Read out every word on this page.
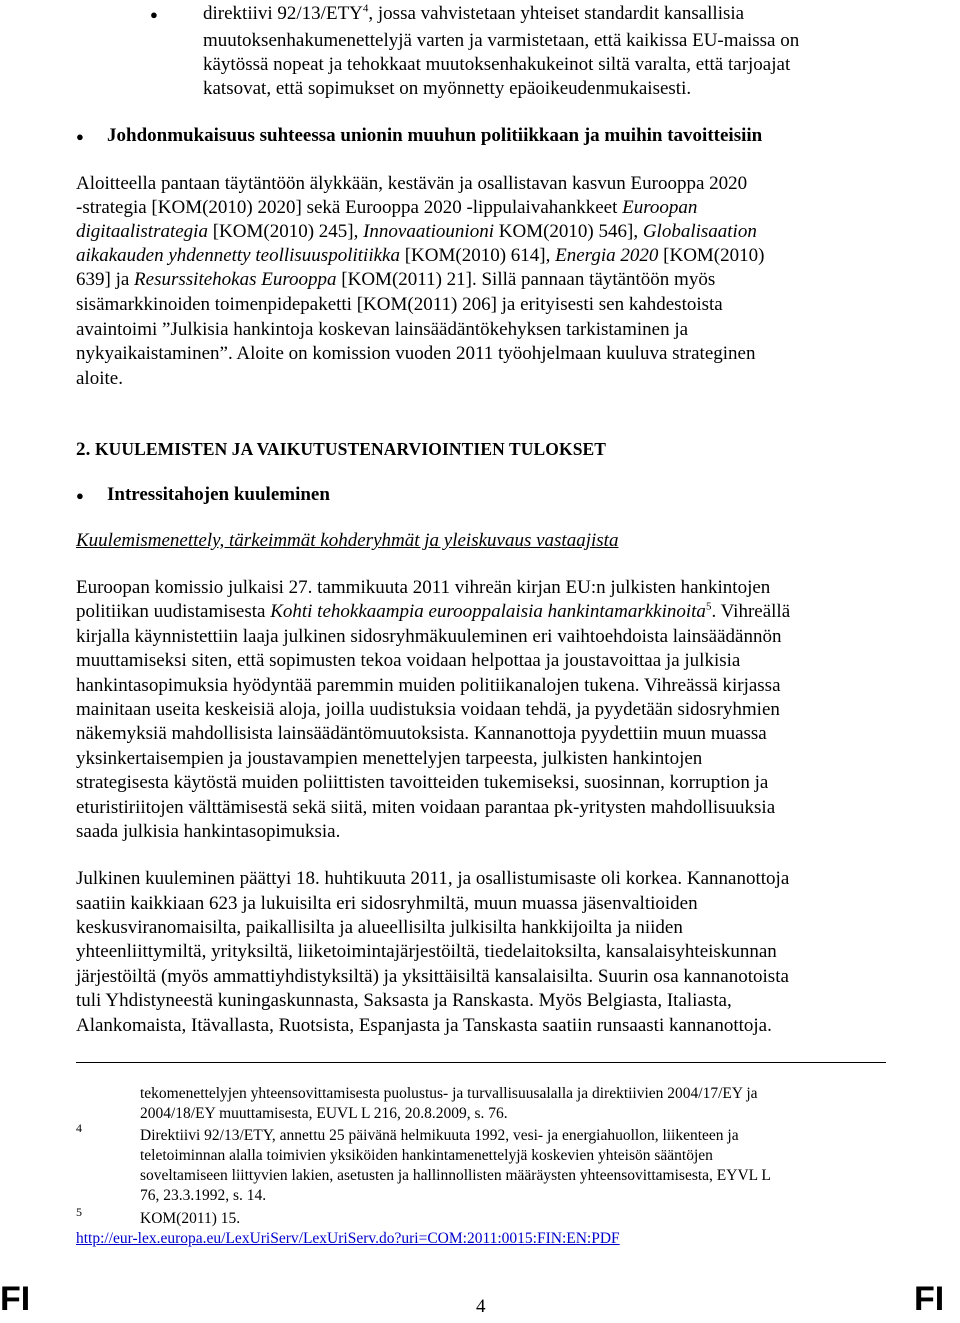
● direktiivi 92/13/ETY$^4$, jossa vahvistetaan yhteiset standardit kansallisia
muutoksenhakumenettelyjä varten ja varmistetaan, että kaikissa EU-maissa on
käytössä nopeat ja tehokkaat muutoksenhakukeinot siltä varalta, että tarjoajat
katsovat, että sopimukset on myönnetty epäoikeudenmukaisesti.
● Johdonmukaisuus suhteessa unionin muuhun politiikkaan ja muihin tavoitteisiin
Aloitteella pantaan täytäntöön älykkään, kestävän ja osallistavan kasvun Eurooppa 2020
-strategia [KOM(2010) 2020] sekä Eurooppa 2020 -lippulaivahankkeet Euroopan
digitaalistrategia [KOM(2010) 245], Innovaatiounioni KOM(2010) 546], Globalisaation
aikakauden yhdennetty teollisuuspolitiikka [KOM(2010) 614], Energia 2020 [KOM(2010)
639] ja Resurssitehokas Eurooppa [KOM(2011) 21]. Sillä pannaan täytäntöön myös
sisämarkkinoiden toimenpidepaketti [KOM(2011) 206] ja erityisesti sen kahdestoista
avaintoimi ”Julkisia hankintoja koskevan lainsäädäntökehyksen tarkistaminen ja
nykyaikaistaminen”. Aloite on komission vuoden 2011 työohjelmaan kuuluva strateginen
aloite.
2. KUULEMISTEN JA VAIKUTUSTENARVIOINTIEN TULOKSET
● Intressitahojen kuuleminen
Kuulemismenettely, tärkeimmät kohderyhmät ja yleiskuvaus vastaajista
Euroopan komissio julkaisi 27. tammikuuta 2011 vihreän kirjan EU:n julkisten hankintojen
politiikan uudistamisesta Kohti tehokkaampia eurooppalaisia hankintamarkkinoita$^5$. Vihreällä
kirjalla käynnistettiin laaja julkinen sidosryhmäkuuleminen eri vaihtoehdoista lainsäädännön
muuttamiseksi siten, että sopimusten tekoa voidaan helpottaa ja joustavoittaa ja julkisia
hankintasopimuksia hyödyntää paremmin muiden politiikanalojen tukena. Vihreässä kirjassa
mainitaan useita keskeisiä aloja, joilla uudistuksia voidaan tehdä, ja pyydetään sidosryhmien
näkemyksiä mahdollisista lainsäädäntömuutoksista. Kannanottoja pyydettiin muun muassa
yksinkertaisempien ja joustavampien menettelyjen tarpeesta, julkisten hankintojen
strategisesta käytöstä muiden poliittisten tavoitteiden tukemiseksi, suosinnan, korruption ja
eturistiriitojen välttämisestä sekä siitä, miten voidaan parantaa pk-yritysten mahdollisuuksia
saada julkisia hankintasopimuksia.
Julkinen kuuleminen päättyi 18. huhtikuuta 2011, ja osallistumisaste oli korkea. Kannanottoja
saatiin kaikkiaan 623 ja lukuisilta eri sidosryhmiltä, muun muassa jäsenvaltioiden
keskusviranomaisilta, paikallisilta ja alueellisilta julkisilta hankkijoilta ja niiden
yhteenliittymiltä, yrityksiltä, liiketoimintajärjestöiltä, tiedelaitoksilta, kansalaisyhteiskunnan
järjestöiltä (myös ammattiyhdistyksiltä) ja yksittäisiltä kansalaisilta. Suurin osa kannanotoista
tuli Yhdistyneestä kuningaskunnasta, Saksasta ja Ranskasta. Myös Belgiasta, Italiasta,
Alankomaista, Itävallasta, Ruotsista, Espanjasta ja Tanskasta saatiin runsaasti kannanottoja.
tekomenettelyjen yhteensovittamisesta puolustus- ja turvallisuusalalla ja direktiivien 2004/17/EY ja
2004/18/EY muuttamisesta, EUVL L 216, 20.8.2009, s. 76.
4	Direktiivi 92/13/ETY, annettu 25 päivänä helmikuuta 1992, vesi- ja energiahuollon, liikenteen ja
teletoiminnan alalla toimivien yksiköiden hankintamenettelyjä koskevien yhteisön sääntöjen
soveltamiseen liittyvien lakien, asetusten ja hallinnollisten määräysten yhteensovittamisesta, EYVL L
76, 23.3.1992, s. 14.
5	KOM(2011) 15.
http://eur-lex.europa.eu/LexUriServ/LexUriServ.do?uri=COM:2011:0015:FIN:EN:PDF
FI	4	FI
